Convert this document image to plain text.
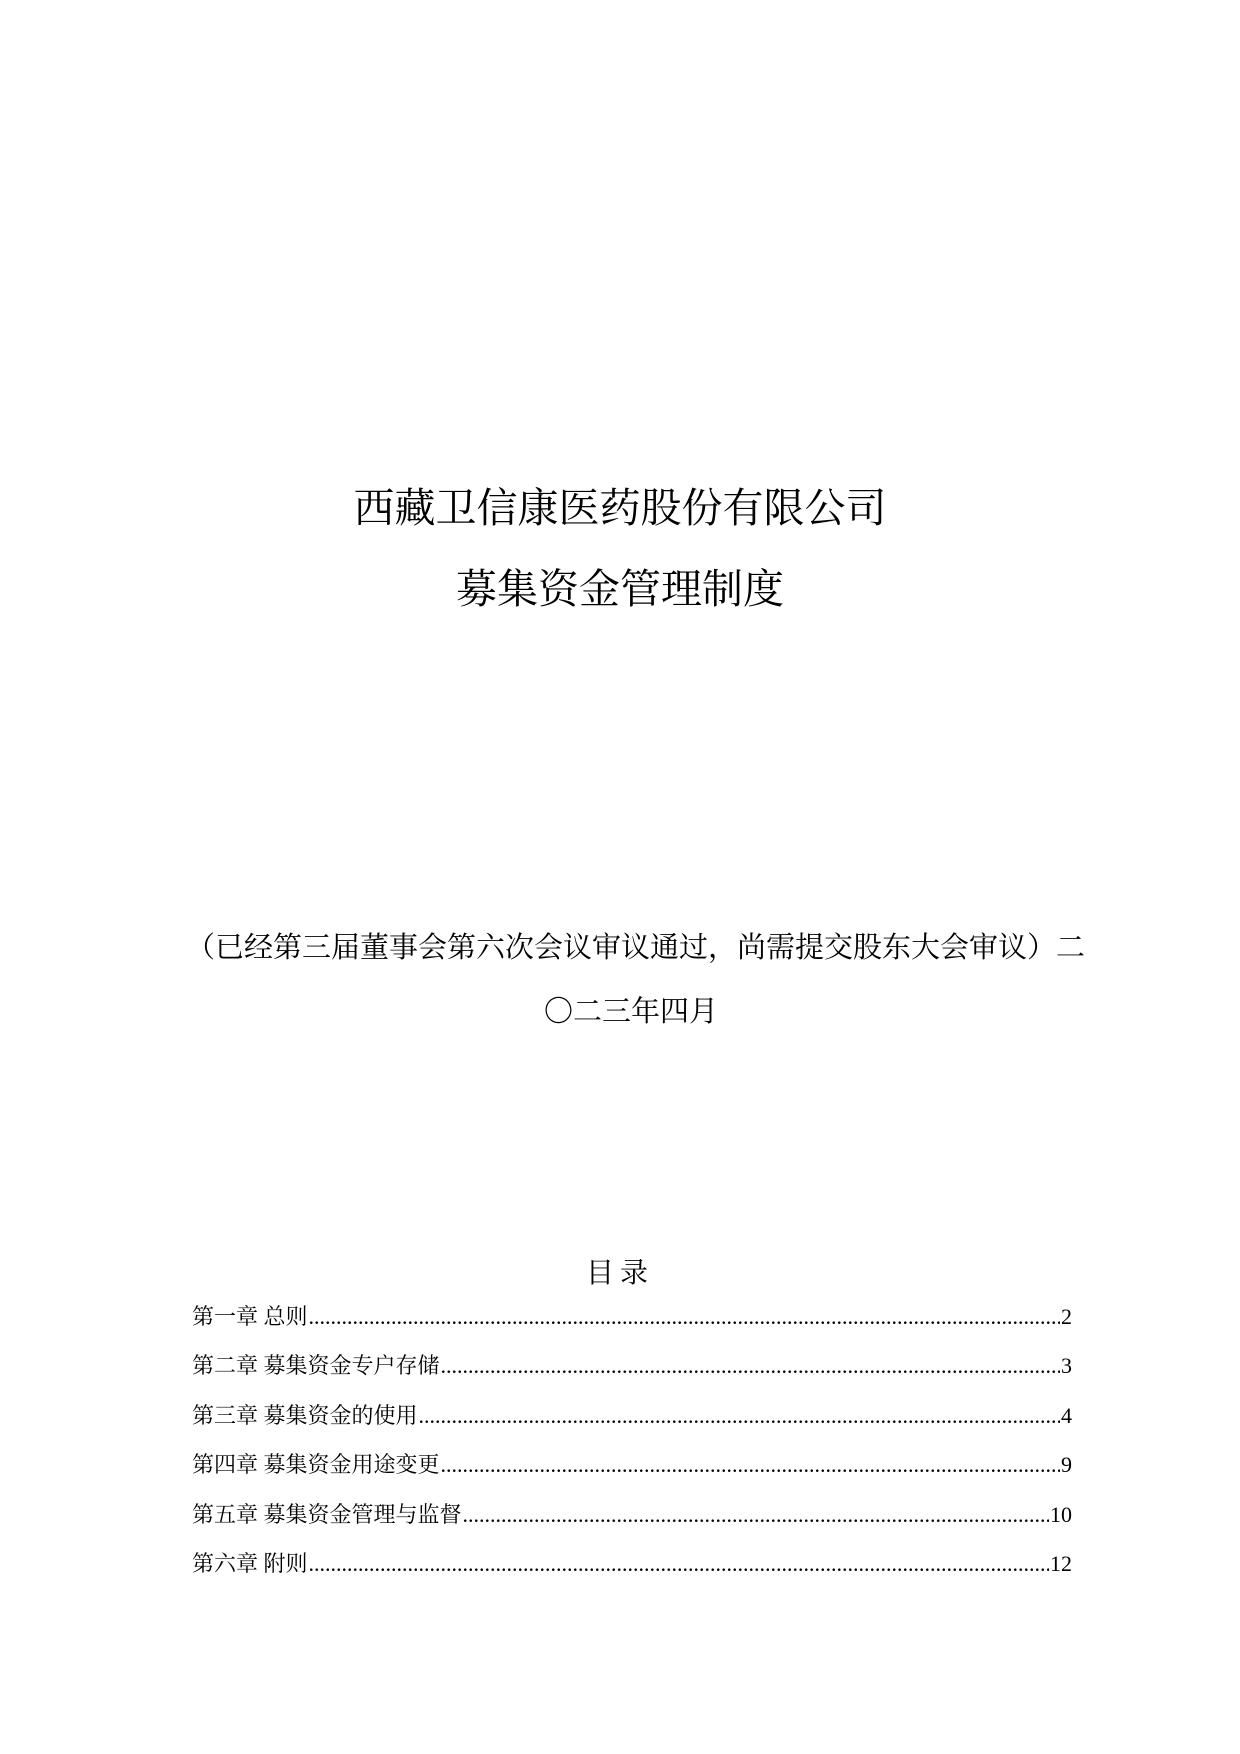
西藏卫信康医药股份有限公司
募集资金管理制度
（已经第三届董事会第六次会议审议通过，尚需提交股东大会审议）二
〇二三年四月
目录
第一章 总则 .....	2
第二章 募集资金专户存储 .....	3
第三章 募集资金的使用 .....	4
第四章 募集资金用途变更 .....	9
第五章 募集资金管理与监督 .....	10
第六章 附则 .....	12
